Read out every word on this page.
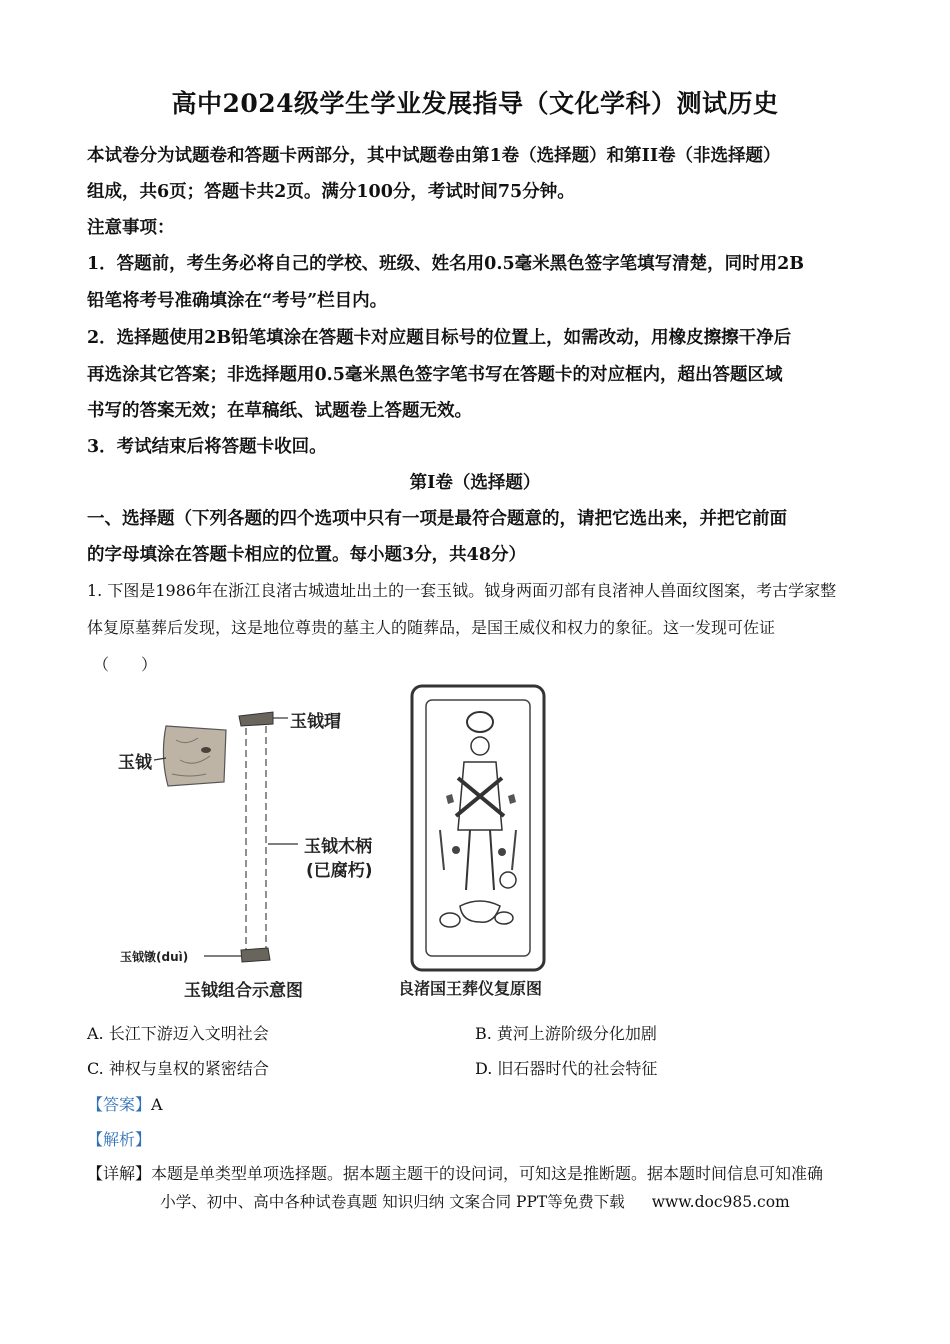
高中2024级学生学业发展指导（文化学科）测试历史
本试卷分为试题卷和答题卡两部分，其中试题卷由第1卷（选择题）和第II卷（非选择题）
组成，共6页；答题卡共2页。满分100分，考试时间75分钟。
注意事项：
1．答题前，考生务必将自己的学校、班级、姓名用0.5毫米黑色签字笔填写清楚，同时用2B
铅笔将考号准确填涂在“考号”栏目内。
2．选择题使用2B铅笔填涂在答题卡对应题目标号的位置上，如需改动，用橡皮擦擦干净后
再选涂其它答案；非选择题用0.5毫米黑色签字笔书写在答题卡的对应框内，超出答题区域
书写的答案无效；在草稿纸、试题卷上答题无效。
3．考试结束后将答题卡收回。
第I卷（选择题）
一、选择题（下列各题的四个选项中只有一项是最符合题意的，请把它选出来，并把它前面
的字母填涂在答题卡相应的位置。每小题3分，共48分）
1. 下图是1986年在浙江良渚古城遗址出土的一套玉钺。钺身两面刃部有良渚神人兽面纹图案，考古学家整
体复原墓葬后发现，这是地位尊贵的墓主人的随葬品，是国王威仪和权力的象征。这一发现可佐证
（　　）
玉钺
玉钺瑁
玉钺木柄
(已腐朽)
玉钺镦(duì)
玉钺组合示意图	良渚国王葬仪复原图
A. 长江下游迈入文明社会	B. 黄河上游阶级分化加剧
C. 神权与皇权的紧密结合	D. 旧石器时代的社会特征
【答案】A
【解析】
【详解】本题是单类型单项选择题。据本题主题干的设问词，可知这是推断题。据本题时间信息可知准确
小学、初中、高中各种试卷真题 知识归纳 文案合同 PPT等免费下载 www.doc985.com
